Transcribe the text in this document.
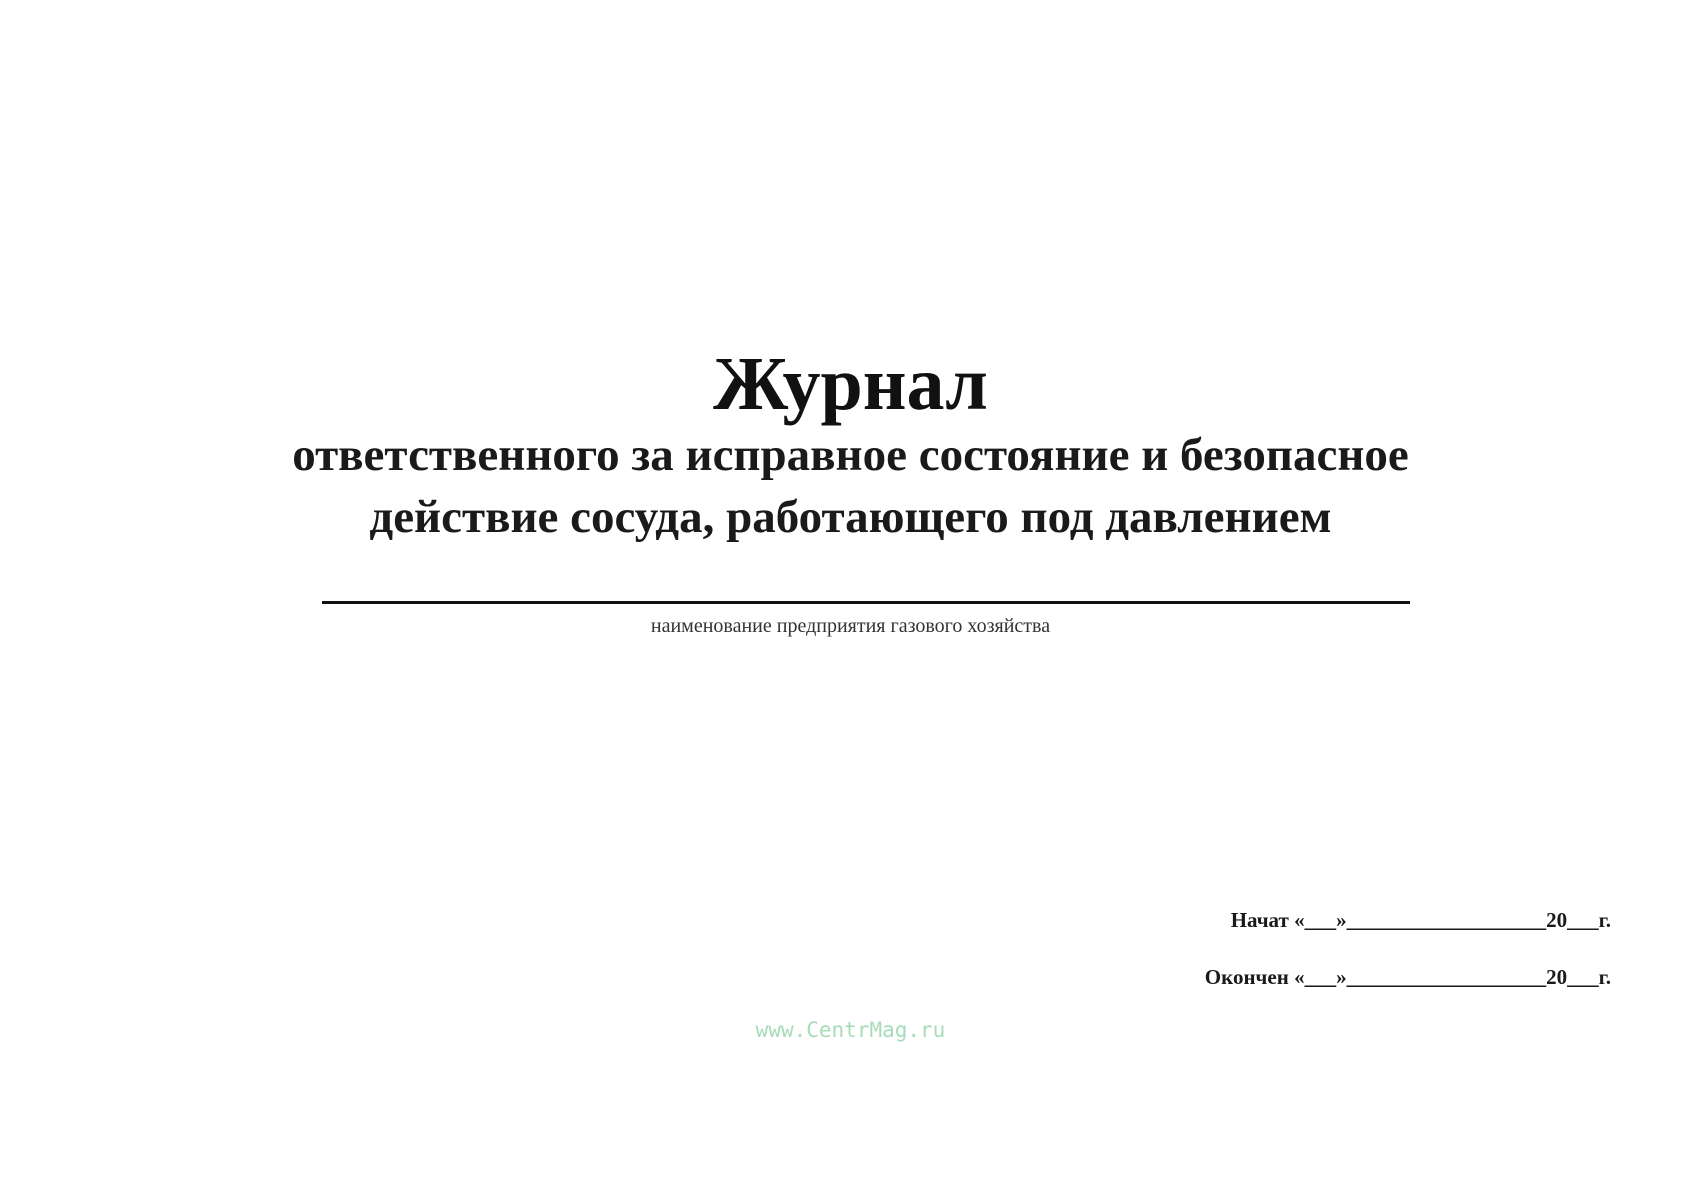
Журнал
ответственного за исправное состояние и безопасное
действие сосуда, работающего под давлением
наименование предприятия газового хозяйства
Начат «___»___________________20___г.
Окончен «___»___________________20___г.
www.CentrMag.ru
